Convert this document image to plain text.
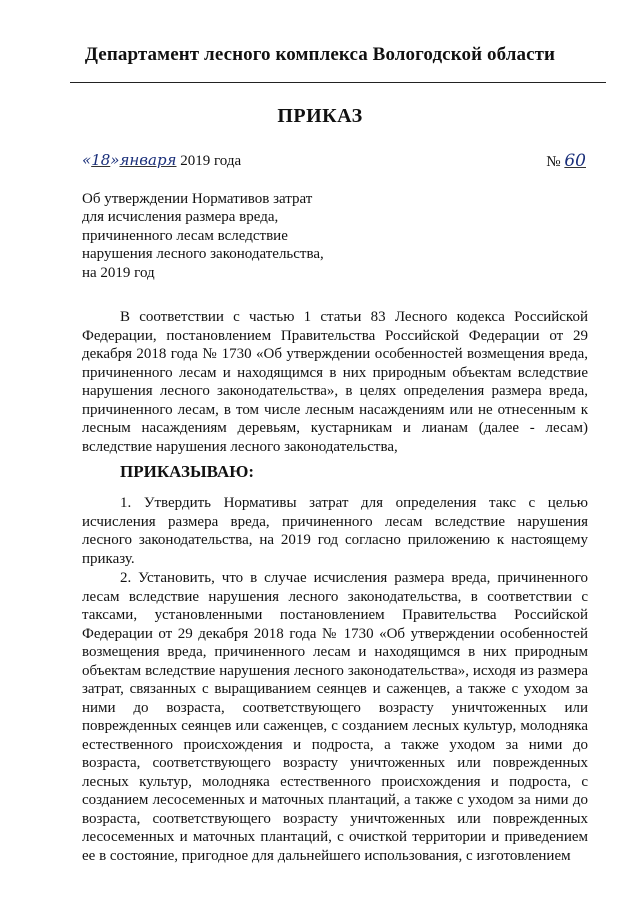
Департамент лесного комплекса Вологодской области
ПРИКАЗ
«18»января 2019 года	№ 60
Об утверждении Нормативов затрат
для исчисления размера вреда,
причиненного лесам вследствие
нарушения лесного законодательства,
на 2019 год
В соответствии с частью 1 статьи 83 Лесного кодекса Российской Федерации, постановлением Правительства Российской Федерации от 29 декабря 2018 года № 1730 «Об утверждении особенностей возмещения вреда, причиненного лесам и находящимся в них природным объектам вследствие нарушения лесного законодательства», в целях определения размера вреда, причиненного лесам, в том числе лесным насаждениям или не отнесенным к лесным насаждениям деревьям, кустарникам и лианам (далее - лесам) вследствие нарушения лесного законодательства,
ПРИКАЗЫВАЮ:
1. Утвердить Нормативы затрат для определения такс с целью исчисления размера вреда, причиненного лесам вследствие нарушения лесного законодательства, на 2019 год согласно приложению к настоящему приказу.
2. Установить, что в случае исчисления размера вреда, причиненного лесам вследствие нарушения лесного законодательства, в соответствии с таксами, установленными постановлением Правительства Российской Федерации от 29 декабря 2018 года № 1730 «Об утверждении особенностей возмещения вреда, причиненного лесам и находящимся в них природным объектам вследствие нарушения лесного законодательства», исходя из размера затрат, связанных с выращиванием сеянцев и саженцев, а также с уходом за ними до возраста, соответствующего возрасту уничтоженных или поврежденных сеянцев или саженцев, с созданием лесных культур, молодняка естественного происхождения и подроста, а также уходом за ними до возраста, соответствующего возрасту уничтоженных или поврежденных лесных культур, молодняка естественного происхождения и подроста, с созданием лесосеменных и маточных плантаций, а также с уходом за ними до возраста, соответствующего возрасту уничтоженных или поврежденных лесосеменных и маточных плантаций, с очисткой территории и приведением ее в состояние, пригодное для дальнейшего использования, с изготовлением
